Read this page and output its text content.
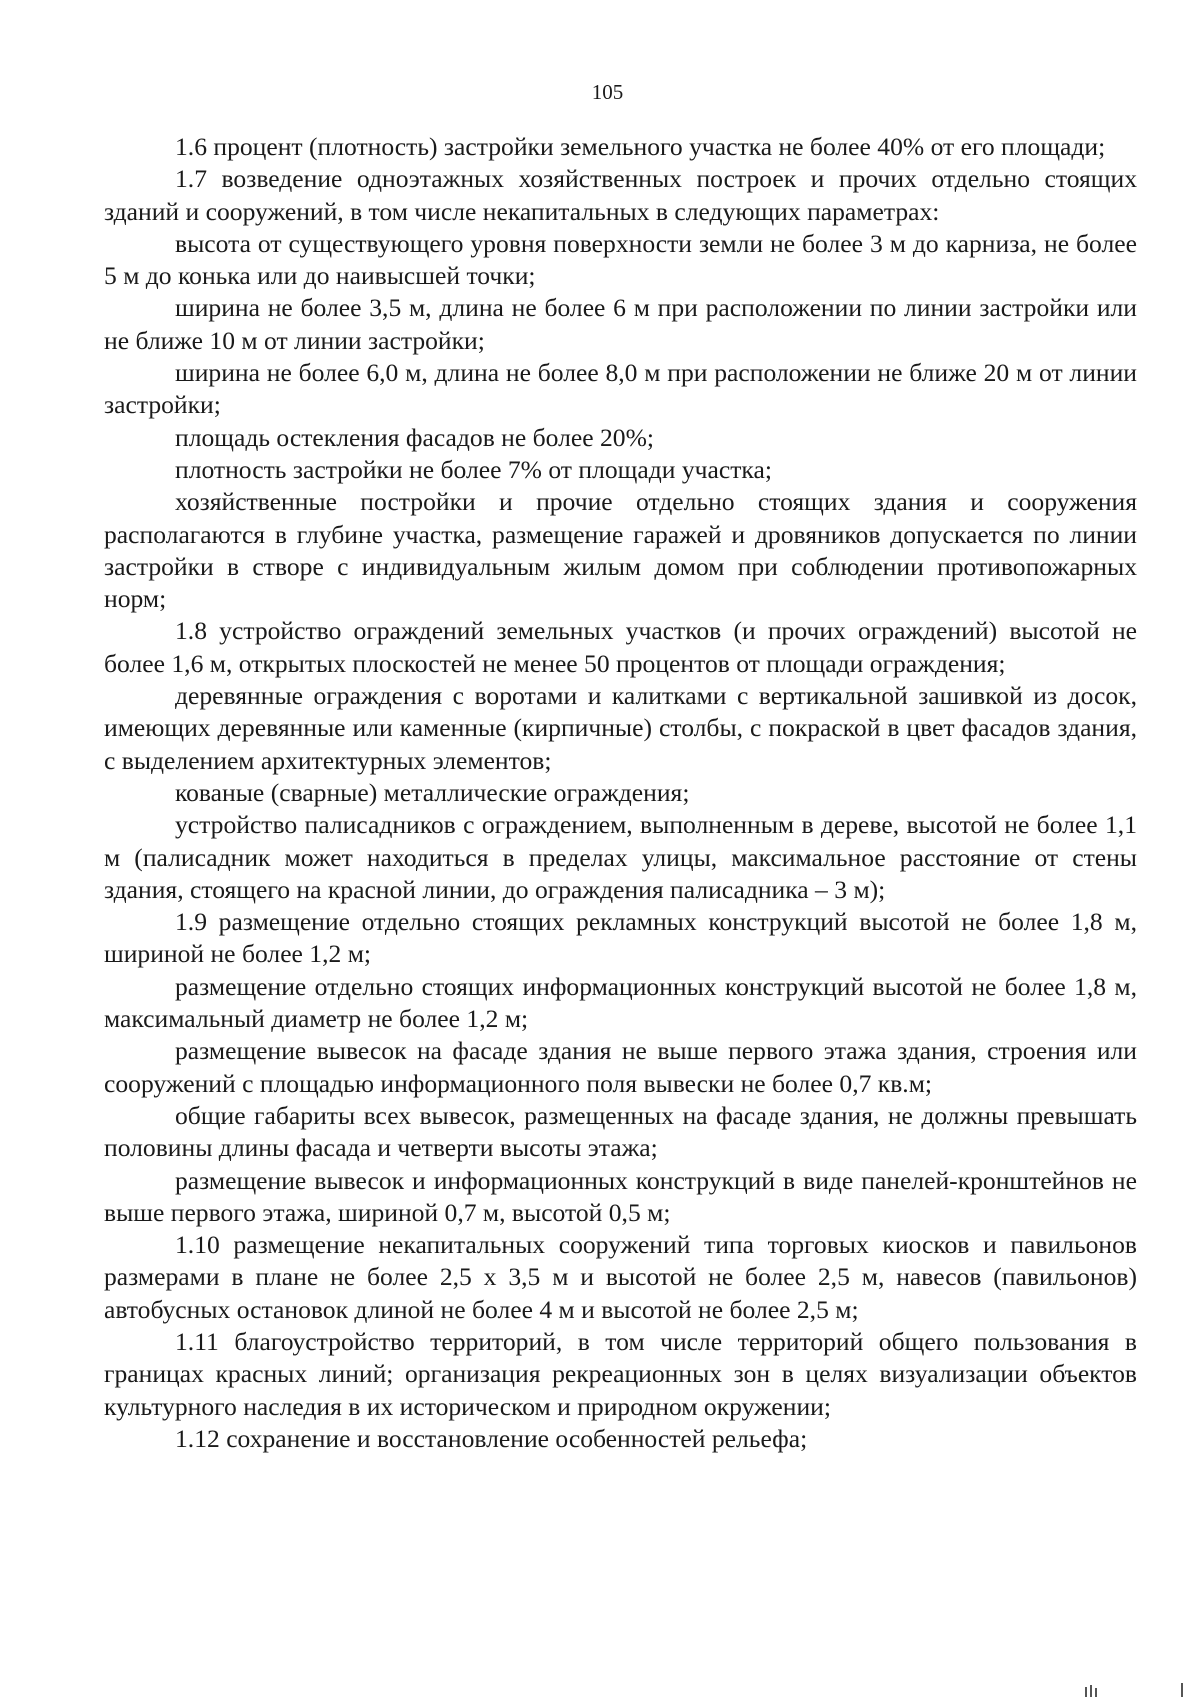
105

1.6 процент (плотность) застройки земельного участка не более 40% от его площади;

1.7 возведение одноэтажных хозяйственных построек и прочих отдельно стоящих зданий и сооружений, в том числе некапитальных в следующих параметрах:

высота от существующего уровня поверхности земли не более 3 м до карниза, не более 5 м до конька или до наивысшей точки;

ширина не более 3,5 м, длина не более 6 м при расположении по линии застройки или не ближе 10 м от линии застройки;

ширина не более 6,0 м, длина не более 8,0 м при расположении не ближе 20 м от линии застройки;

площадь остекления фасадов не более 20%;

плотность застройки не более 7% от площади участка;

хозяйственные постройки и прочие отдельно стоящих здания и сооружения располагаются в глубине участка, размещение гаражей и дровяников допускается по линии застройки в створе с индивидуальным жилым домом при соблюдении противопожарных норм;

1.8 устройство ограждений земельных участков (и прочих ограждений) высотой не более 1,6 м, открытых плоскостей не менее 50 процентов от площади ограждения;

деревянные ограждения с воротами и калитками с вертикальной зашивкой из досок, имеющих деревянные или каменные (кирпичные) столбы, с покраской в цвет фасадов здания, с выделением архитектурных элементов;

кованые (сварные) металлические ограждения;

устройство палисадников с ограждением, выполненным в дереве, высотой не более 1,1 м (палисадник может находиться в пределах улицы, максимальное расстояние от стены здания, стоящего на красной линии, до ограждения палисадника – 3 м);

1.9 размещение отдельно стоящих рекламных конструкций высотой не более 1,8 м, шириной не более 1,2 м;

размещение отдельно стоящих информационных конструкций высотой не более 1,8 м, максимальный диаметр не более 1,2 м;

размещение вывесок на фасаде здания не выше первого этажа здания, строения или сооружений с площадью информационного поля вывески не более 0,7 кв.м;

общие габариты всех вывесок, размещенных на фасаде здания, не должны превышать половины длины фасада и четверти высоты этажа;

размещение вывесок и информационных конструкций в виде панелей-кронштейнов не выше первого этажа, шириной 0,7 м, высотой 0,5 м;

1.10 размещение некапитальных сооружений типа торговых киосков и павильонов размерами в плане не более 2,5 х 3,5 м и высотой не более 2,5 м, навесов (павильонов) автобусных остановок длиной не более 4 м и высотой не более 2,5 м;

1.11 благоустройство территорий, в том числе территорий общего пользования в границах красных линий; организация рекреационных зон в целях визуализации объектов культурного наследия в их историческом и природном окружении;

1.12 сохранение и восстановление особенностей рельефа;
